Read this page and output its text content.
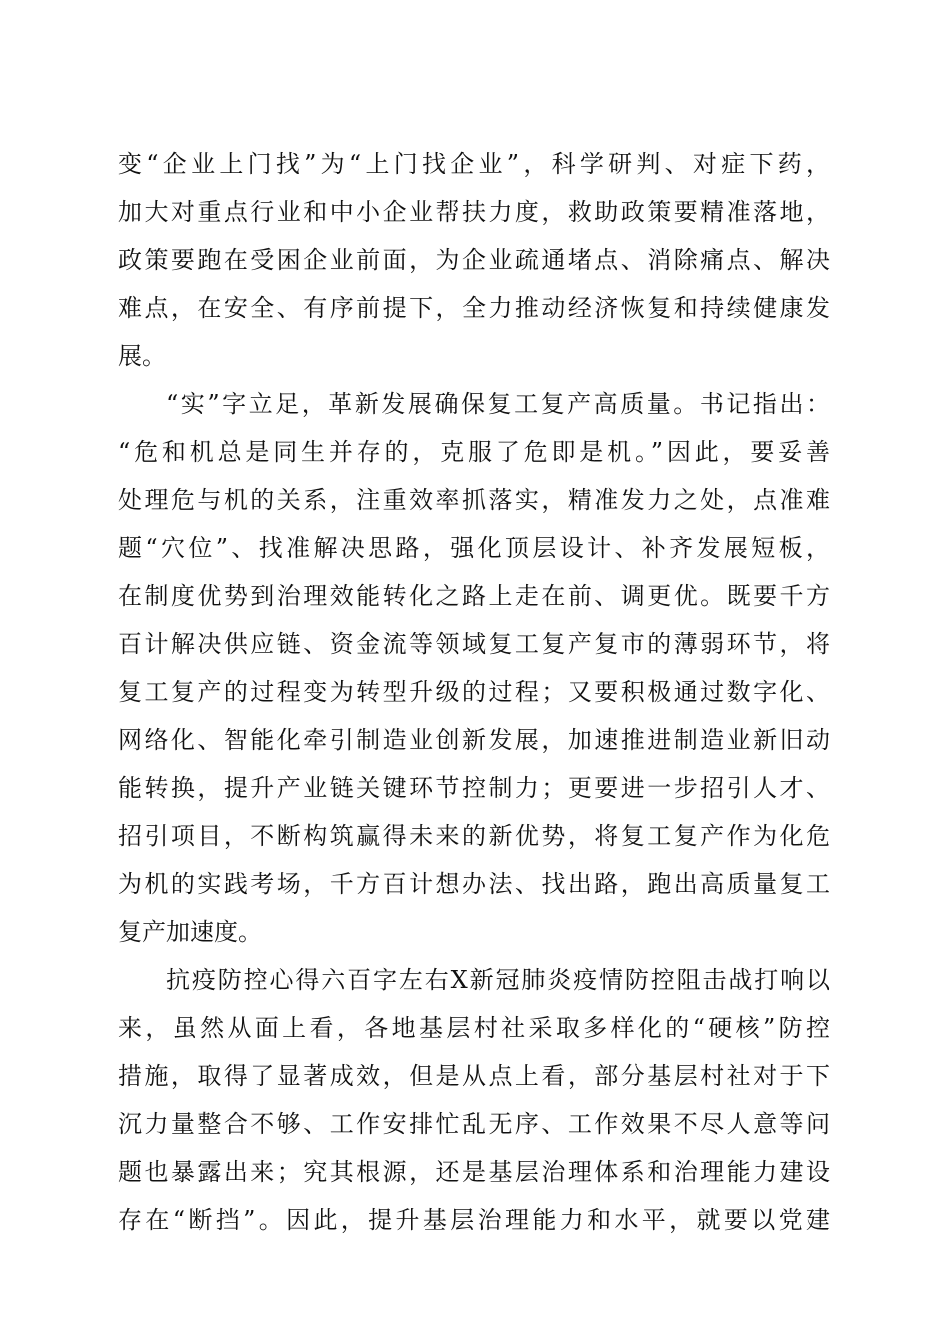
变“企业上门找”为“上门找企业”，科学研判、对症下药，
加大对重点行业和中小企业帮扶力度，救助政策要精准落地，
政策要跑在受困企业前面，为企业疏通堵点、消除痛点、解决
难点，在安全、有序前提下，全力推动经济恢复和持续健康发
展。
“实”字立足，革新发展确保复工复产高质量。书记指出：
“危和机总是同生并存的，克服了危即是机。”因此，要妥善
处理危与机的关系，注重效率抓落实，精准发力之处，点准难
题“穴位”、找准解决思路，强化顶层设计、补齐发展短板，
在制度优势到治理效能转化之路上走在前、调更优。既要千方
百计解决供应链、资金流等领域复工复产复市的薄弱环节，将
复工复产的过程变为转型升级的过程；又要积极通过数字化、
网络化、智能化牵引制造业创新发展，加速推进制造业新旧动
能转换，提升产业链关键环节控制力；更要进一步招引人才、
招引项目，不断构筑赢得未来的新优势，将复工复产作为化危
为机的实践考场，千方百计想办法、找出路，跑出高质量复工
复产加速度。
抗疫防控心得六百字左右X新冠肺炎疫情防控阻击战打响以
来，虽然从面上看，各地基层村社采取多样化的“硬核”防控
措施，取得了显著成效，但是从点上看，部分基层村社对于下
沉力量整合不够、工作安排忙乱无序、工作效果不尽人意等问
题也暴露出来；究其根源，还是基层治理体系和治理能力建设
存在“断挡”。因此，提升基层治理能力和水平，就要以党建
